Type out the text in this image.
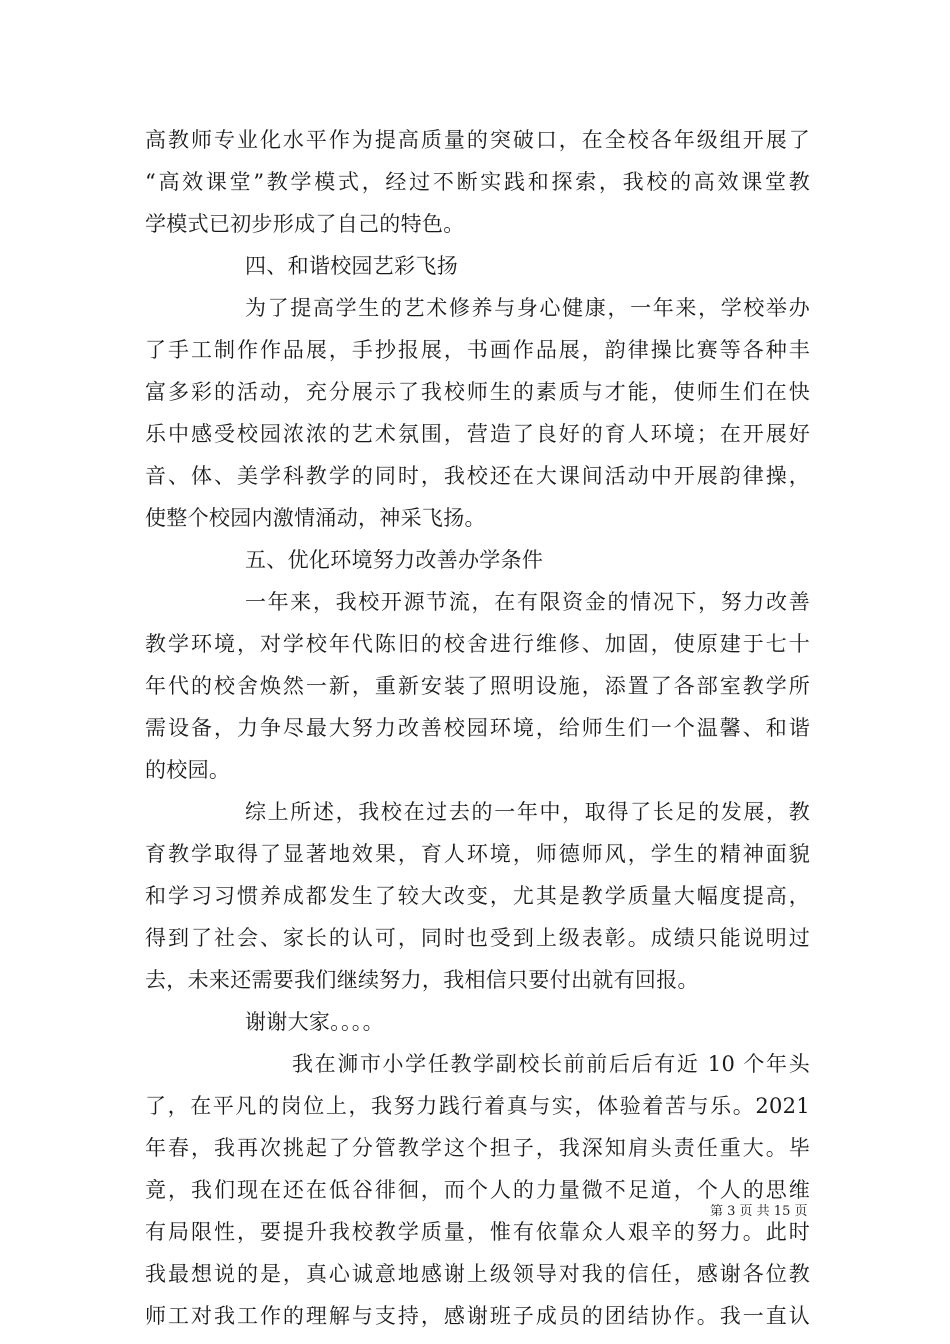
高教师专业化水平作为提高质量的突破口，在全校各年级组开展了
“高效课堂”教学模式，经过不断实践和探索，我校的高效课堂教
学模式已初步形成了自己的特色。
四、和谐校园艺彩飞扬
为了提高学生的艺术修养与身心健康，一年来，学校举办
了手工制作作品展，手抄报展，书画作品展，韵律操比赛等各种丰
富多彩的活动，充分展示了我校师生的素质与才能，使师生们在快
乐中感受校园浓浓的艺术氛围，营造了良好的育人环境；在开展好
音、体、美学科教学的同时，我校还在大课间活动中开展韵律操，
使整个校园内激情涌动，神采飞扬。
五、优化环境努力改善办学条件
一年来，我校开源节流，在有限资金的情况下，努力改善
教学环境，对学校年代陈旧的校舍进行维修、加固，使原建于七十
年代的校舍焕然一新，重新安装了照明设施，添置了各部室教学所
需设备，力争尽最大努力改善校园环境，给师生们一个温馨、和谐
的校园。
综上所述，我校在过去的一年中，取得了长足的发展，教
育教学取得了显著地效果，育人环境，师德师风，学生的精神面貌
和学习习惯养成都发生了较大改变，尤其是教学质量大幅度提高，
得到了社会、家长的认可，同时也受到上级表彰。成绩只能说明过
去，未来还需要我们继续努力，我相信只要付出就有回报。
谢谢大家。。。。
我在浉市小学任教学副校长前前后后有近 10 个年头
了，在平凡的岗位上，我努力践行着真与实，体验着苦与乐。2021
年春，我再次挑起了分管教学这个担子，我深知肩头责任重大。毕
竟，我们现在还在低谷徘徊，而个人的力量微不足道，个人的思维
有局限性，要提升我校教学质量，惟有依靠众人艰辛的努力。此时
我最想说的是，真心诚意地感谢上级领导对我的信任，感谢各位教
师工对我工作的理解与支持，感谢班子成员的团结协作。我一直认
第 3 页 共 15 页
